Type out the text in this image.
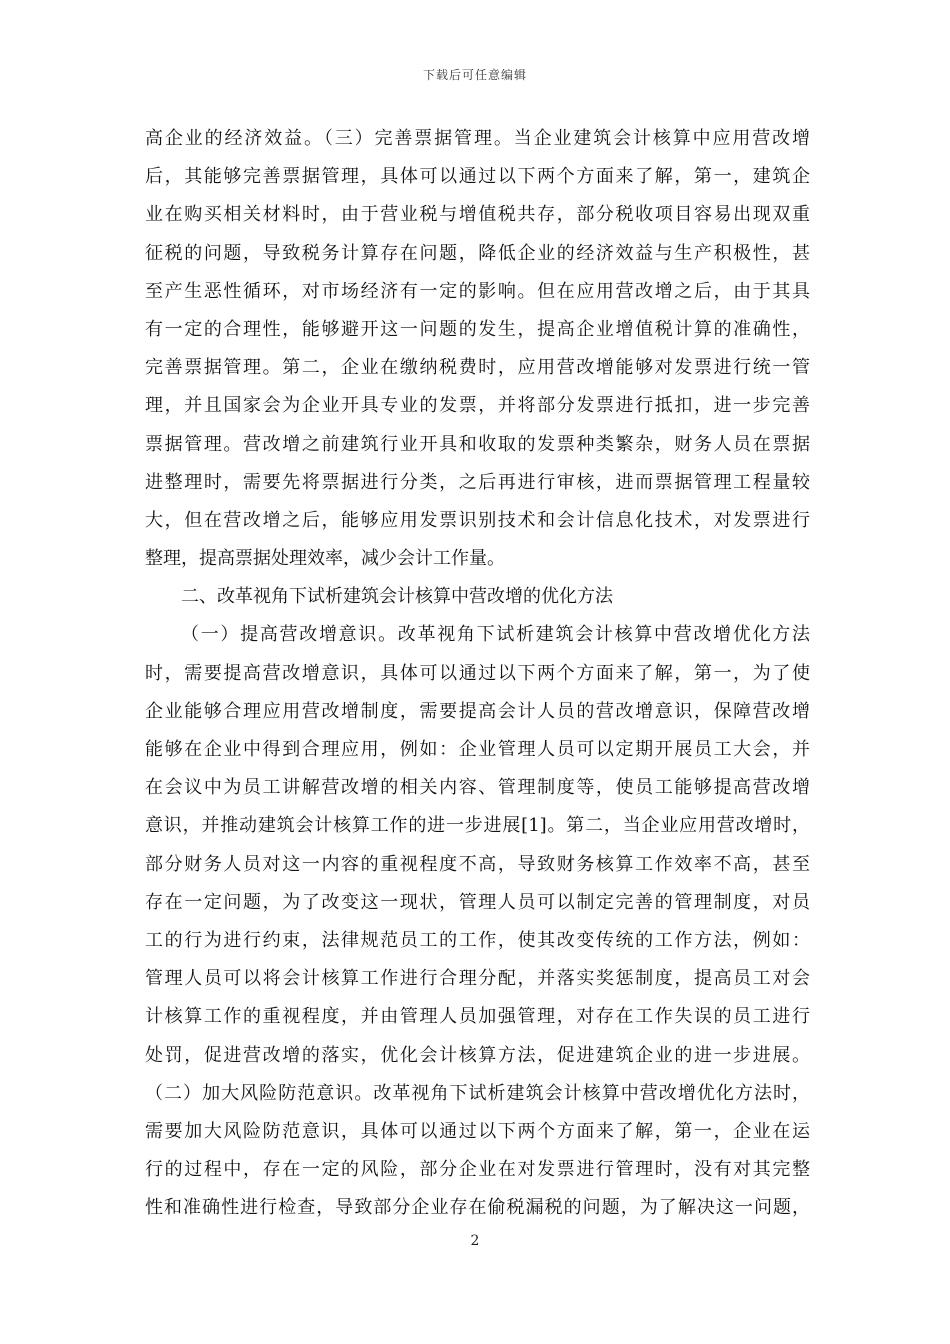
下载后可任意编辑
高企业的经济效益。（三）完善票据管理。当企业建筑会计核算中应用营改增
后，其能够完善票据管理，具体可以通过以下两个方面来了解，第一，建筑企
业在购买相关材料时，由于营业税与增值税共存，部分税收项目容易出现双重
征税的问题，导致税务计算存在问题，降低企业的经济效益与生产积极性，甚
至产生恶性循环，对市场经济有一定的影响。但在应用营改增之后，由于其具
有一定的合理性，能够避开这一问题的发生，提高企业增值税计算的准确性，
完善票据管理。第二，企业在缴纳税费时，应用营改增能够对发票进行统一管
理，并且国家会为企业开具专业的发票，并将部分发票进行抵扣，进一步完善
票据管理。营改增之前建筑行业开具和收取的发票种类繁杂，财务人员在票据
进整理时，需要先将票据进行分类，之后再进行审核，进而票据管理工程量较
大，但在营改增之后，能够应用发票识别技术和会计信息化技术，对发票进行
整理，提高票据处理效率，减少会计工作量。
二、改革视角下试析建筑会计核算中营改增的优化方法
（一）提高营改增意识。改革视角下试析建筑会计核算中营改增优化方法
时，需要提高营改增意识，具体可以通过以下两个方面来了解，第一，为了使
企业能够合理应用营改增制度，需要提高会计人员的营改增意识，保障营改增
能够在企业中得到合理应用，例如：企业管理人员可以定期开展员工大会，并
在会议中为员工讲解营改增的相关内容、管理制度等，使员工能够提高营改增
意识，并推动建筑会计核算工作的进一步进展[1]。第二，当企业应用营改增时，
部分财务人员对这一内容的重视程度不高，导致财务核算工作效率不高，甚至
存在一定问题，为了改变这一现状，管理人员可以制定完善的管理制度，对员
工的行为进行约束，法律规范员工的工作，使其改变传统的工作方法，例如：
管理人员可以将会计核算工作进行合理分配，并落实奖惩制度，提高员工对会
计核算工作的重视程度，并由管理人员加强管理，对存在工作失误的员工进行
处罚，促进营改增的落实，优化会计核算方法，促进建筑企业的进一步进展。
（二）加大风险防范意识。改革视角下试析建筑会计核算中营改增优化方法时，
需要加大风险防范意识，具体可以通过以下两个方面来了解，第一，企业在运
行的过程中，存在一定的风险，部分企业在对发票进行管理时，没有对其完整
性和准确性进行检查，导致部分企业存在偷税漏税的问题，为了解决这一问题，
2
